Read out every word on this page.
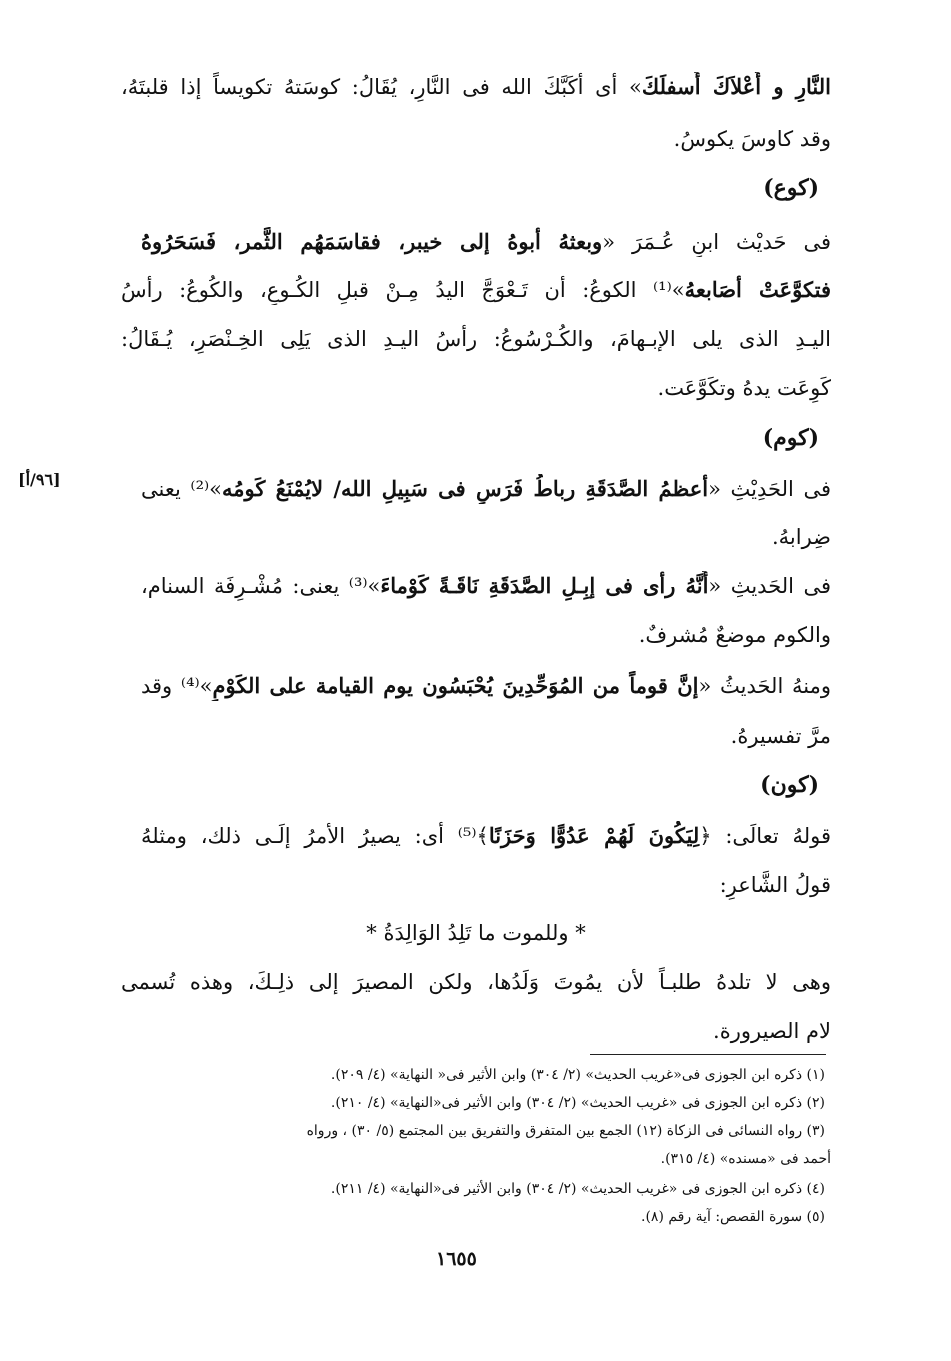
النَّارِ و أَعْلاَكَ أَسفلَكَ» أى أكَبَّكَ الله فى النَّارِ، يُقَالُ: كوسَتهُ تكويساً إذا قلبتَهُ،
وقد كاوسَ يكوسُ.
(كوع)
فى حَديْث ابنِ عُـمَرَ «وبعثهُ أبوهُ إلى خيبر، فقاسَمَهُم الثَّمر، فَسَحَرُوهُ
فتكوَّعَتْ أصَابعهُ»⁽¹⁾ الكوعُ: أن تَـعْوَجَّ اليدُ مِـنْ قبلِ الكُـوعِ، والكُوعُ: رأسُ
اليـدِ الذى يلى الإبـهامَ، والكُـرْسُوعُ: رأسُ اليـدِ الذى يَلِى الخِـنْصَرِ، يُـقَالُ:
كَوِعَت يدهُ وتكَوَّعَت.
(كوم)
فى الحَدِيْثِ «أعظمُ الصَّدَقَةِ رباطُ فَرَسٍ فى سَبِيلِ الله/ لايُمْنَعُ كَومُه»⁽²⁾ يعنى
ضِرابهُ.
[٩٦/أ]
فى الحَديثِ «أَنَّهُ رأى فى إبِـلِ الصَّدَقَةِ نَاقَـةً كَوْماءَ»⁽³⁾ يعنى: مُشْـرِفَة السنام،
والكوم موضعٌ مُشرفٌ.
ومنهُ الحَديثُ «إنَّ قوماً من المُوَحِّدِينَ يُحْبَسُون يوم القيامة على الكَوْمِ»⁽⁴⁾ وقد
مرَّ تفسيرهُ.
(كون)
قولهُ تعالَى: ﴿لِيَكُونَ لَهُمْ عَدُوًّا وَحَزَنًا﴾⁽⁵⁾ أى: يصيرُ الأمرُ إلَـى ذلك، ومثلهُ
قولُ الشَّاعرِ:
* وللموت ما تَلِدُ الوَالِدَةُ *
وهى لا تلدهُ طلبـاً لأن يمُوتَ وَلَدُها، ولكن المصيرَ إلى ذلِـكَ، وهذه تُسمى
لام الصيرورة.
(١) ذكره ابن الجوزى فى«غريب الحديث» (٢/ ٣٠٤) وابن الأثير فى« النهاية» (٤/ ٢٠٩).
(٢) ذكره ابن الجوزى فى «غريب الحديث» (٢/ ٣٠٤) وابن الأثير فى«النهاية» (٤/ ٢١٠).
(٣) رواه النسائى فى الزكاة (١٢) الجمع بين المتفرق والتفريق بين المجتمع (٥/ ٣٠) ، ورواه
أحمد فى «مسنده» (٤/ ٣١٥).
(٤) ذكره ابن الجوزى فى «غريب الحديث» (٢/ ٣٠٤) وابن الأثير فى«النهاية» (٤/ ٢١١).
(٥) سورة القصص: آية رقم (٨).
١٦٥٥
